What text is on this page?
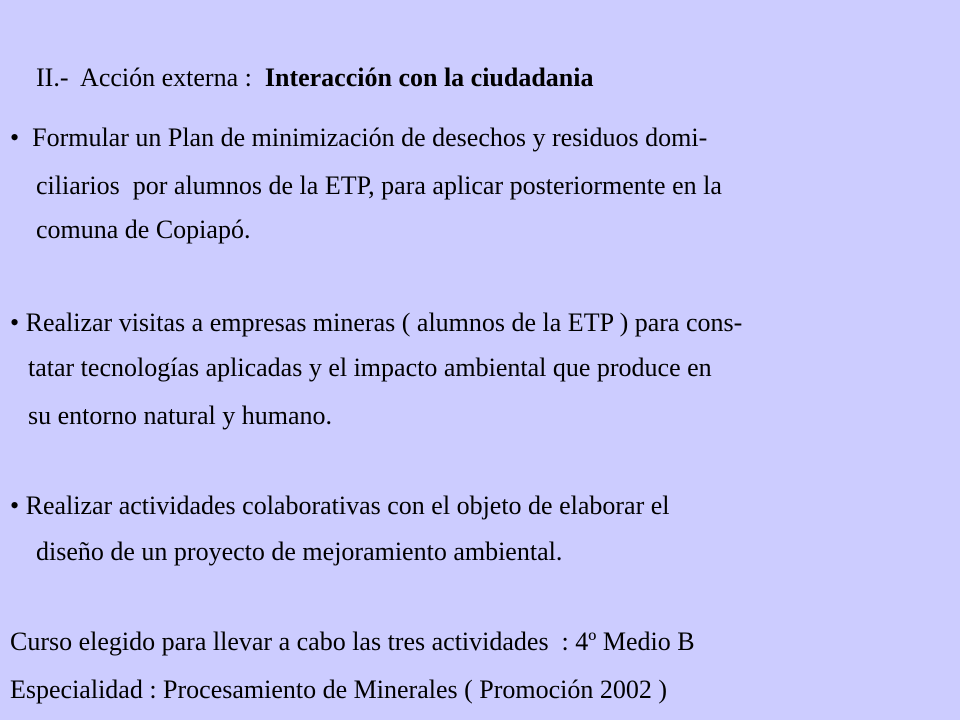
II.-  Acción externa :  Interacción con la ciudadania

•  Formular un Plan de minimización de desechos y residuos domi-
ciliarios  por alumnos de la ETP, para aplicar posteriormente en la
comuna de Copiapó.
• Realizar visitas a empresas mineras ( alumnos de la ETP ) para cons-
tatar tecnologías aplicadas y el impacto ambiental que produce en
su entorno natural y humano.
• Realizar actividades colaborativas con el objeto de elaborar el
diseño de un proyecto de mejoramiento ambiental.
Curso elegido para llevar a cabo las tres actividades  : 4º Medio B
Especialidad : Procesamiento de Minerales ( Promoción 2002 )
